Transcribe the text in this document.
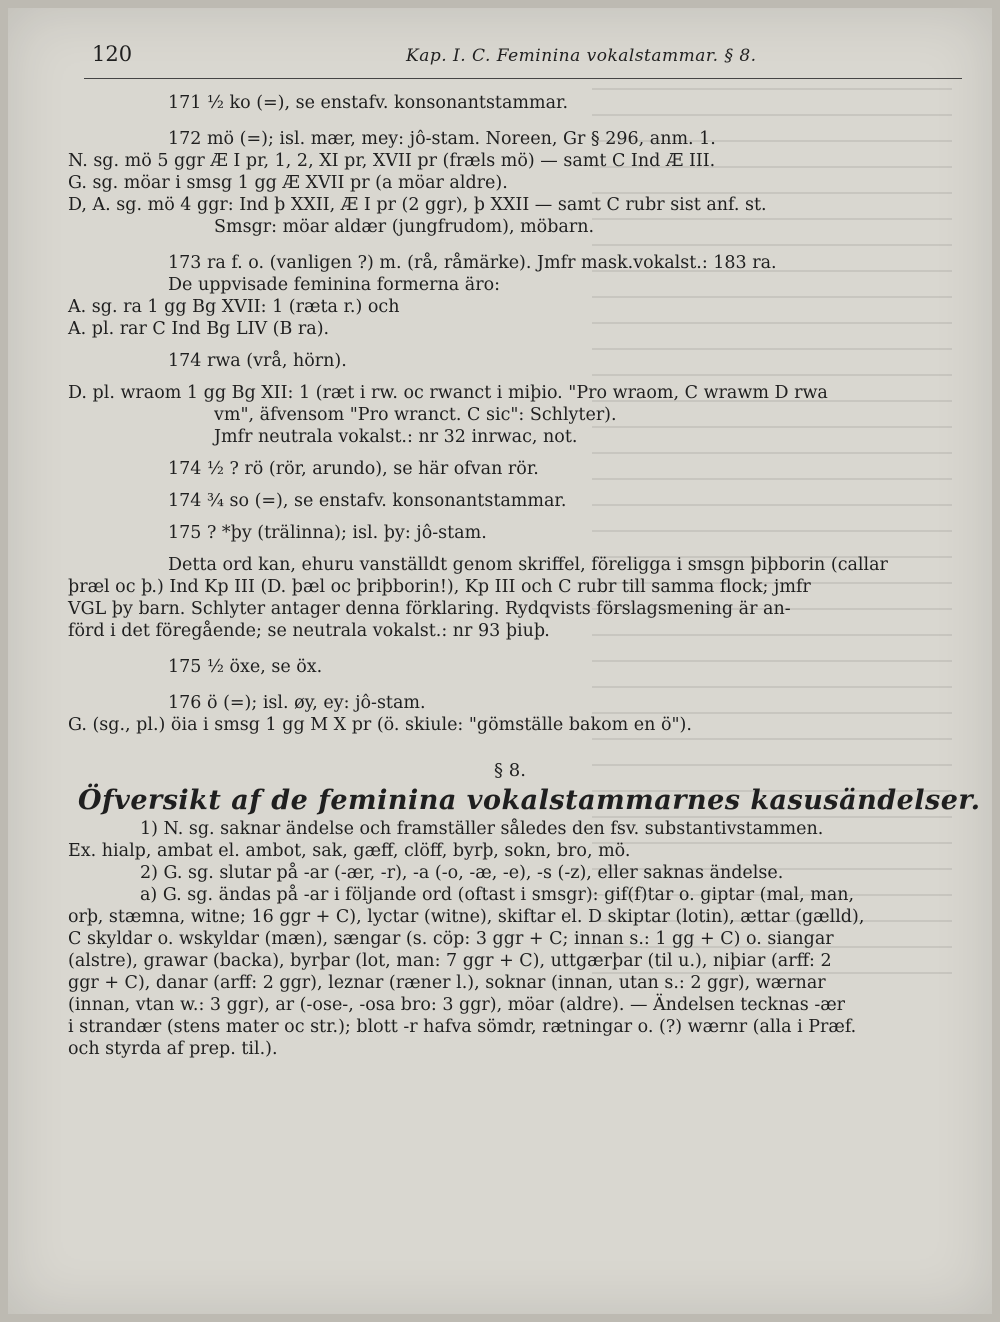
120	Kap. I. C. Feminina vokalstammar. § 8.
171 ½ ko (=), se enstafv. konsonantstammar.
172 mö (=); isl. mær, mey: jô-stam. Noreen, Gr § 296, anm. 1.
N. sg. mö 5 ggr Æ I pr, 1, 2, XI pr, XVII pr (fræls mö) — samt C Ind Æ III.
G. sg. möar i smsg 1 gg Æ XVII pr (a möar aldre).
D, A. sg. mö 4 ggr: Ind þ XXII, Æ I pr (2 ggr), þ XXII — samt C rubr sist anf. st.
Smsgr: möar aldær (jungfrudom), möbarn.
173 ra f. o. (vanligen ?) m. (rå, råmärke). Jmfr mask.vokalst.: 183 ra.
De uppvisade feminina formerna äro:
A. sg. ra 1 gg Bg XVII: 1 (ræta r.) och
A. pl. rar C Ind Bg LIV (B ra).
174 rwa (vrå, hörn).
D. pl. wraom 1 gg Bg XII: 1 (ræt i rw. oc rwanct i miþio. "Pro wraom, C wrawm D rwa
vm", äfvensom "Pro wranct. C sic": Schlyter).
Jmfr neutrala vokalst.: nr 32 inrwac, not.
174 ½ ? rö (rör, arundo), se här ofvan rör.
174 ¾ so (=), se enstafv. konsonantstammar.
175 ? *þy (trälinna); isl. þy: jô-stam.
Detta ord kan, ehuru vanställdt genom skriffel, föreligga i smsgn þiþborin (callar
þræl oc þ.) Ind Kp III (D. þæl oc þriþborin!), Kp III och C rubr till samma flock; jmfr
VGL þy barn. Schlyter antager denna förklaring. Rydqvists förslagsmening är an-
förd i det föregående; se neutrala vokalst.: nr 93 þiuþ.
175 ½ öxe, se öx.
176 ö (=); isl. øy, ey: jô-stam.
G. (sg., pl.) öia i smsg 1 gg M X pr (ö. skiule: "gömställe bakom en ö").
§ 8.
Öfversikt af de feminina vokalstammarnes kasusändelser.
1) N. sg. saknar ändelse och framställer således den fsv. substantivstammen.
Ex. hialp, ambat el. ambot, sak, gæff, clöff, byrþ, sokn, bro, mö.
2) G. sg. slutar på -ar (-ær, -r), -a (-o, -æ, -e), -s (-z), eller saknas ändelse.
a) G. sg. ändas på -ar i följande ord (oftast i smsgr): gif(f)tar o. giptar (mal, man,
orþ, stæmna, witne; 16 ggr + C), lyctar (witne), skiftar el. D skiptar (lotin), ættar (gælld),
C skyldar o. wskyldar (mæn), sængar (s. cöp: 3 ggr + C; innan s.: 1 gg + C) o. siangar
(alstre), grawar (backa), byrþar (lot, man: 7 ggr + C), uttgærþar (til u.), niþiar (arff: 2
ggr + C), danar (arff: 2 ggr), leznar (ræner l.), soknar (innan, utan s.: 2 ggr), wærnar
(innan, vtan w.: 3 ggr), ar (-ose-, -osa bro: 3 ggr), möar (aldre). — Ändelsen tecknas -ær
i strandær (stens mater oc str.); blott -r hafva sömdr, rætningar o. (?) wærnr (alla i Præf.
och styrda af prep. til.).
